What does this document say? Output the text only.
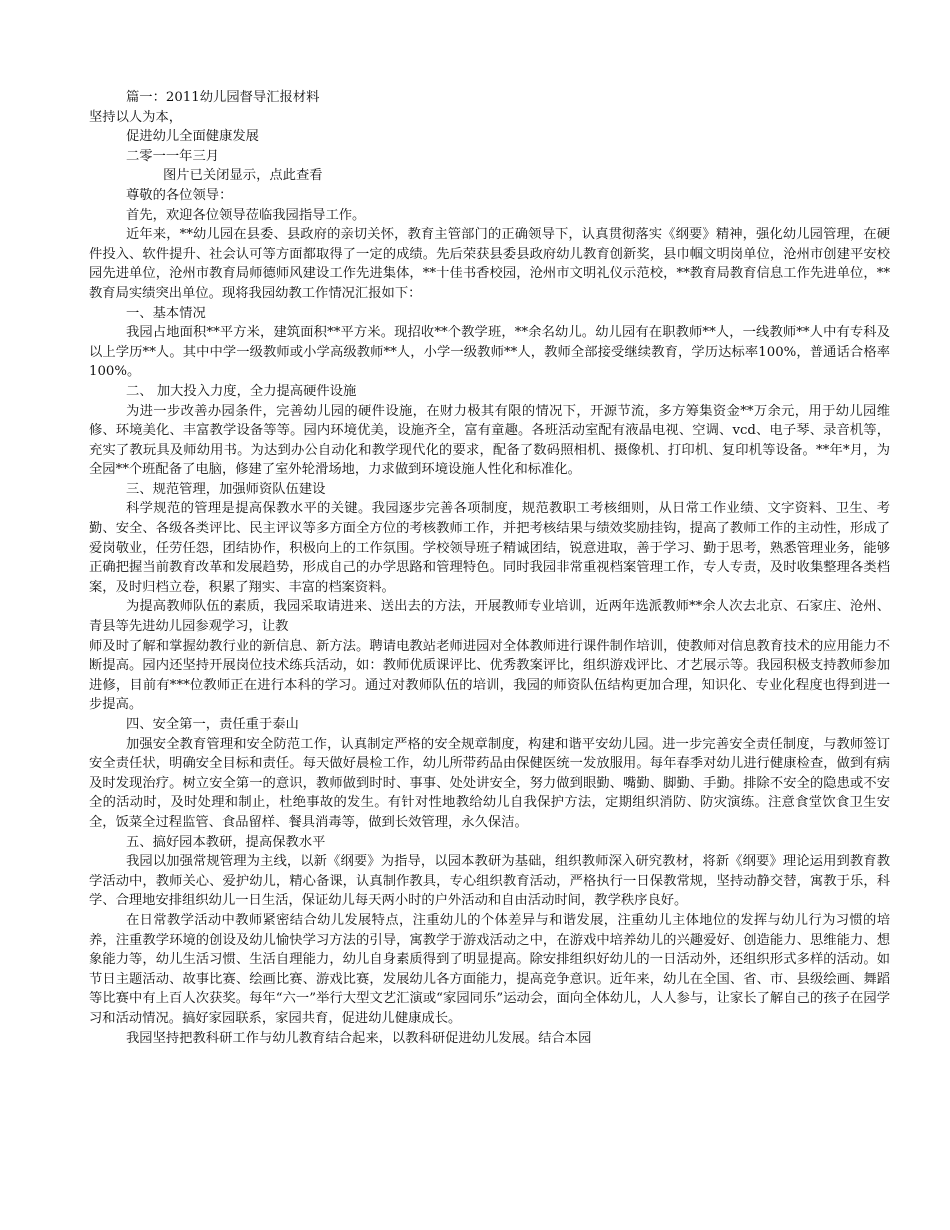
篇一：2011幼儿园督导汇报材料
坚持以人为本，
促进幼儿全面健康发展
二零一一年三月
图片已关闭显示，点此查看
尊敬的各位领导：
首先，欢迎各位领导莅临我园指导工作。

近年来，**幼儿园在县委、县政府的亲切关怀，教育主管部门的正确领导下，认真贯彻落实《纲要》精神，强化幼儿园管理，在硬件投入、软件提升、社会认可等方面都取得了一定的成绩。先后荣获县委县政府幼儿教育创新奖，县巾帼文明岗单位，沧州市创建平安校园先进单位，沧州市教育局师德师风建设工作先进集体，**十佳书香校园，沧州市文明礼仪示范校，**教育局教育信息工作先进单位，**教育局实绩突出单位。现将我园幼教工作情况汇报如下：

一、基本情况

我园占地面积**平方米，建筑面积**平方米。现招收**个教学班，**余名幼儿。幼儿园有在职教师**人，一线教师**人中有专科及以上学历**人。其中中学一级教师或小学高级教师**人，小学一级教师**人，教师全部接受继续教育，学历达标率100%，普通话合格率100%。

二、 加大投入力度，全力提高硬件设施

为进一步改善办园条件，完善幼儿园的硬件设施，在财力极其有限的情况下，开源节流，多方筹集资金**万余元，用于幼儿园维修、环境美化、丰富教学设备等等。园内环境优美，设施齐全，富有童趣。各班活动室配有液晶电视、空调、vcd、电子琴、录音机等，充实了教玩具及师幼用书。为达到办公自动化和教学现代化的要求，配备了数码照相机、摄像机、打印机、复印机等设备。**年*月，为全园**个班配备了电脑，修建了室外轮滑场地，力求做到环境设施人性化和标准化。

三、规范管理，加强师资队伍建设

科学规范的管理是提高保教水平的关键。我园逐步完善各项制度，规范教职工考核细则，从日常工作业绩、文字资料、卫生、考勤、安全、各级各类评比、民主评议等多方面全方位的考核教师工作，并把考核结果与绩效奖励挂钩，提高了教师工作的主动性，形成了爱岗敬业，任劳任怨，团结协作，积极向上的工作氛围。学校领导班子精诚团结，锐意进取，善于学习、勤于思考，熟悉管理业务，能够正确把握当前教育改革和发展趋势，形成自己的办学思路和管理特色。同时我园非常重视档案管理工作，专人专责，及时收集整理各类档案，及时归档立卷，积累了翔实、丰富的档案资料。

为提高教师队伍的素质，我园采取请进来、送出去的方法，开展教师专业培训，近两年选派教师**余人次去北京、石家庄、沧州、青县等先进幼儿园参观学习，让教

师及时了解和掌握幼教行业的新信息、新方法。聘请电教站老师进园对全体教师进行课件制作培训，使教师对信息教育技术的应用能力不断提高。园内还坚持开展岗位技术练兵活动，如：教师优质课评比、优秀教案评比，组织游戏评比、才艺展示等。我园积极支持教师参加进修，目前有***位教师正在进行本科的学习。通过对教师队伍的培训，我园的师资队伍结构更加合理，知识化、专业化程度也得到进一步提高。

四、安全第一，责任重于泰山

加强安全教育管理和安全防范工作，认真制定严格的安全规章制度，构建和谐平安幼儿园。进一步完善安全责任制度，与教师签订安全责任状，明确安全目标和责任。每天做好晨检工作，幼儿所带药品由保健医统一发放服用。每年春季对幼儿进行健康检查，做到有病及时发现治疗。树立安全第一的意识，教师做到时时、事事、处处讲安全，努力做到眼勤、嘴勤、脚勤、手勤。排除不安全的隐患或不安全的活动时，及时处理和制止，杜绝事故的发生。有针对性地教给幼儿自我保护方法，定期组织消防、防灾演练。注意食堂饮食卫生安全，饭菜全过程监管、食品留样、餐具消毒等，做到长效管理，永久保洁。

五、搞好园本教研，提高保教水平

我园以加强常规管理为主线，以新《纲要》为指导，以园本教研为基础，组织教师深入研究教材，将新《纲要》理论运用到教育教学活动中，教师关心、爱护幼儿，精心备课，认真制作教具，专心组织教育活动，严格执行一日保教常规，坚持动静交替，寓教于乐，科学、合理地安排组织幼儿一日生活，保证幼儿每天两小时的户外活动和自由活动时间，教学秩序良好。

在日常教学活动中教师紧密结合幼儿发展特点，注重幼儿的个体差异与和谐发展，注重幼儿主体地位的发挥与幼儿行为习惯的培养，注重教学环境的创设及幼儿愉快学习方法的引导，寓教学于游戏活动之中，在游戏中培养幼儿的兴趣爱好、创造能力、思维能力、想象能力等，幼儿生活习惯、生活自理能力，幼儿自身素质得到了明显提高。除安排组织好幼儿的一日活动外，还组织形式多样的活动。如节日主题活动、故事比赛、绘画比赛、游戏比赛，发展幼儿各方面能力，提高竞争意识。近年来，幼儿在全国、省、市、县级绘画、舞蹈等比赛中有上百人次获奖。每年“六一”举行大型文艺汇演或“家园同乐”运动会，面向全体幼儿，人人参与，让家长了解自己的孩子在园学习和活动情况。搞好家园联系，家园共育，促进幼儿健康成长。

我园坚持把教科研工作与幼儿教育结合起来，以教科研促进幼儿发展。结合本园
